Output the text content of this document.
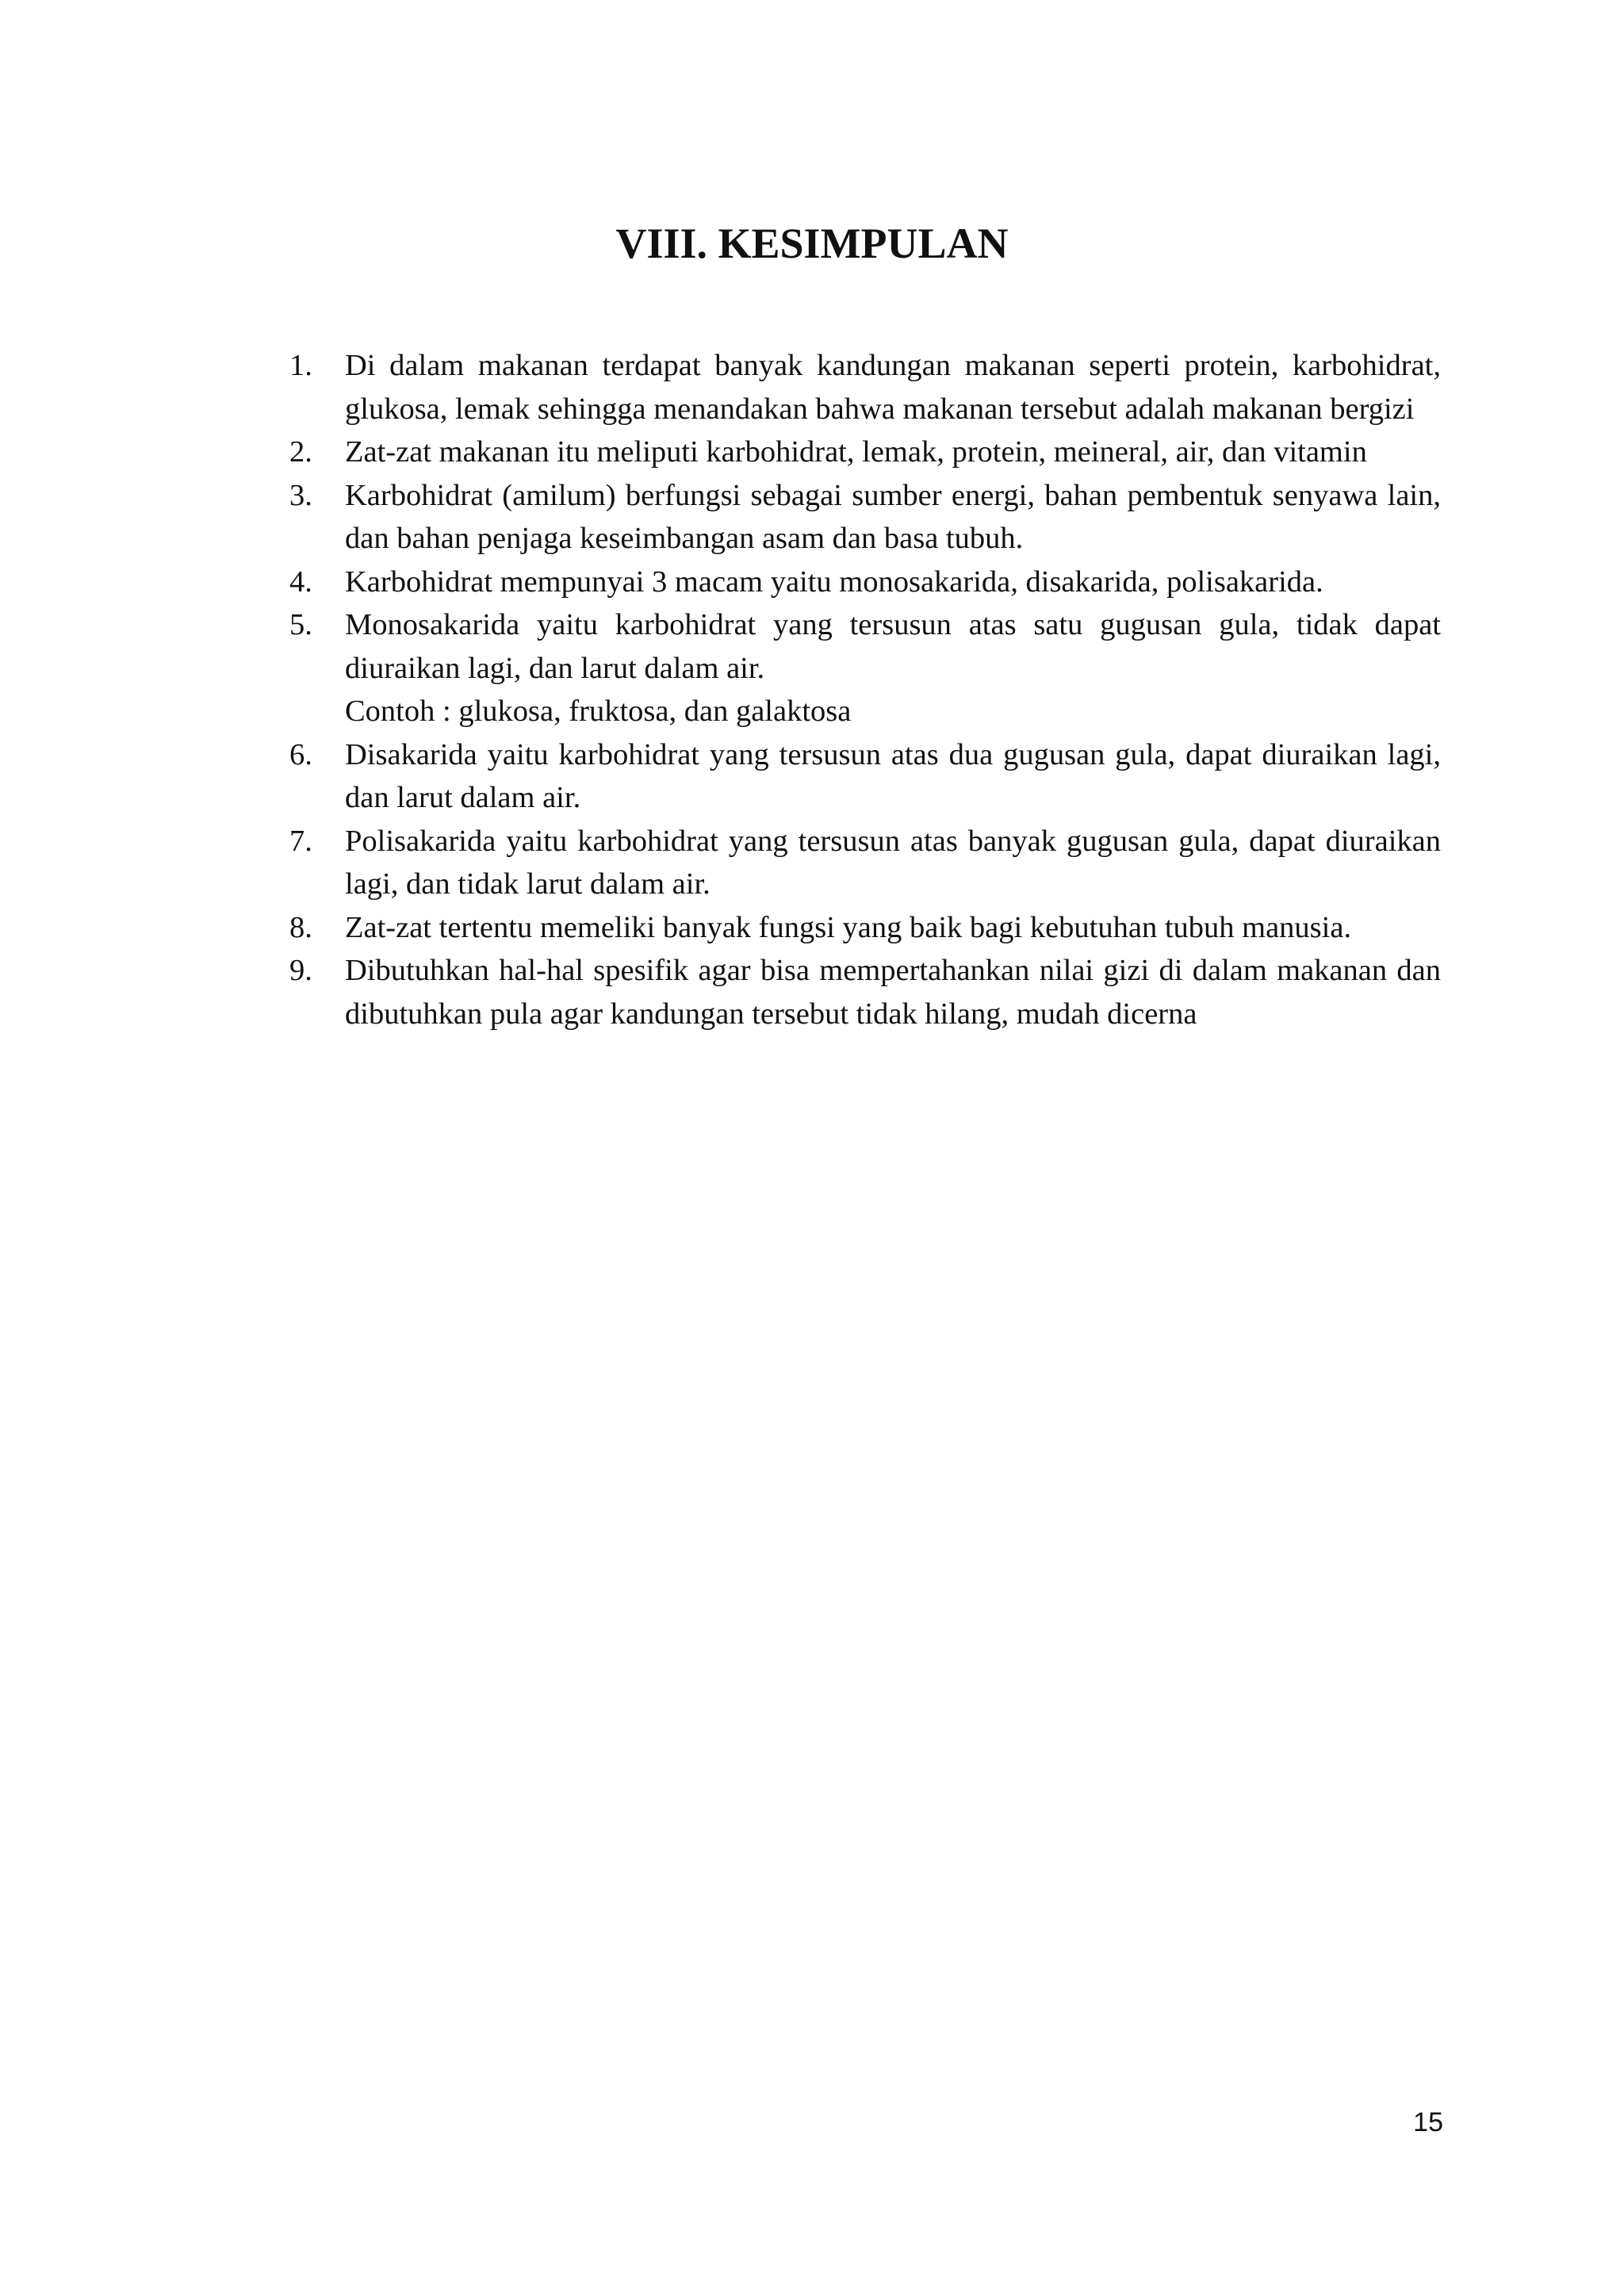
VIII. KESIMPULAN
1.	Di dalam makanan terdapat banyak kandungan makanan seperti protein, karbohidrat, glukosa, lemak sehingga menandakan bahwa makanan tersebut adalah makanan bergizi
2.	Zat-zat makanan itu meliputi karbohidrat, lemak, protein, meineral, air, dan vitamin
3.	Karbohidrat (amilum) berfungsi sebagai sumber energi, bahan pembentuk senyawa lain, dan bahan penjaga keseimbangan asam dan basa tubuh.
4.	Karbohidrat mempunyai 3 macam yaitu monosakarida, disakarida, polisakarida.
5.	Monosakarida yaitu karbohidrat yang tersusun atas satu gugusan gula, tidak dapat diuraikan lagi, dan larut dalam air.
Contoh : glukosa, fruktosa, dan galaktosa
6.	Disakarida yaitu karbohidrat yang tersusun atas dua gugusan gula, dapat diuraikan lagi, dan larut dalam air.
7.	Polisakarida yaitu karbohidrat yang tersusun atas banyak gugusan gula, dapat diuraikan lagi, dan tidak larut dalam air.
8.	Zat-zat tertentu memeliki banyak fungsi yang baik bagi kebutuhan tubuh manusia.
9.	Dibutuhkan hal-hal spesifik agar bisa mempertahankan nilai gizi di dalam makanan dan dibutuhkan pula agar kandungan tersebut tidak hilang, mudah dicerna
15
